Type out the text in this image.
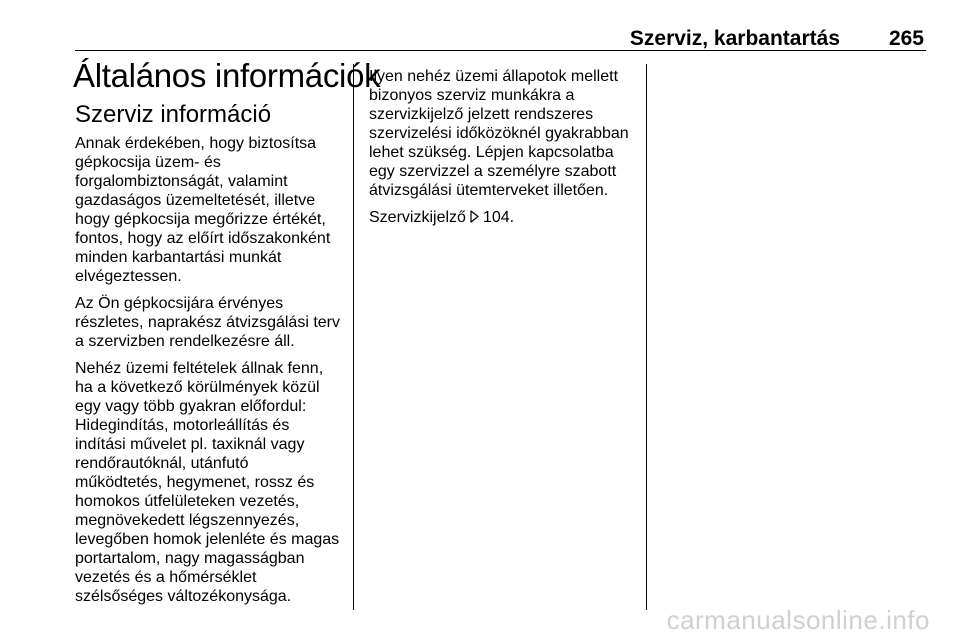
Szerviz, karbantartás 265
Általános információk
Szerviz információ

Annak érdekében, hogy biztosítsa
gépkocsija üzem- és
forgalombiztonságát, valamint
gazdaságos üzemeltetését, illetve
hogy gépkocsija megőrizze értékét,
fontos, hogy az előírt időszakonként
minden karbantartási munkát
elvégeztessen.

Az Ön gépkocsijára érvényes
részletes, naprakész átvizsgálási terv
a szervizben rendelkezésre áll.

Nehéz üzemi feltételek állnak fenn,
ha a következő körülmények közül
egy vagy több gyakran előfordul:
Hidegindítás, motorleállítás és
indítási művelet pl. taxiknál vagy
rendőrautóknál, utánfutó
működtetés, hegymenet, rossz és
homokos útfelületeken vezetés,
megnövekedett légszennyezés,
levegőben homok jelenléte és magas
portartalom, nagy magasságban
vezetés és a hőmérséklet
szélsőséges változékonysága.

Ilyen nehéz üzemi állapotok mellett
bizonyos szerviz munkákra a
szervizkijelző jelzett rendszeres
szervizelési időközöknél gyakrabban
lehet szükség. Lépjen kapcsolatba
egy szervizzel a személyre szabott
átvizsgálási ütemterveket illetően.

Szervizkijelző 104.

carmanualsonline.info
